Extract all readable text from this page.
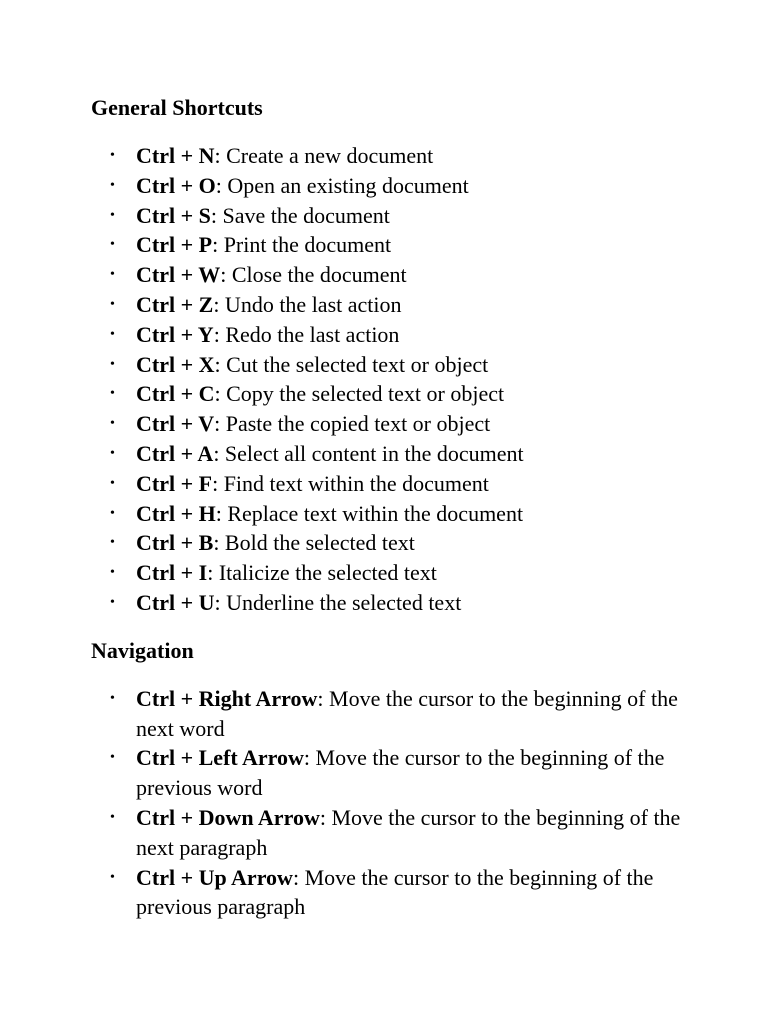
General Shortcuts
• Ctrl + N: Create a new document
• Ctrl + O: Open an existing document
• Ctrl + S: Save the document
• Ctrl + P: Print the document
• Ctrl + W: Close the document
• Ctrl + Z: Undo the last action
• Ctrl + Y: Redo the last action
• Ctrl + X: Cut the selected text or object
• Ctrl + C: Copy the selected text or object
• Ctrl + V: Paste the copied text or object
• Ctrl + A: Select all content in the document
• Ctrl + F: Find text within the document
• Ctrl + H: Replace text within the document
• Ctrl + B: Bold the selected text
• Ctrl + I: Italicize the selected text
• Ctrl + U: Underline the selected text
Navigation
• Ctrl + Right Arrow: Move the cursor to the beginning of the next word
• Ctrl + Left Arrow: Move the cursor to the beginning of the previous word
• Ctrl + Down Arrow: Move the cursor to the beginning of the next paragraph
• Ctrl + Up Arrow: Move the cursor to the beginning of the previous paragraph
